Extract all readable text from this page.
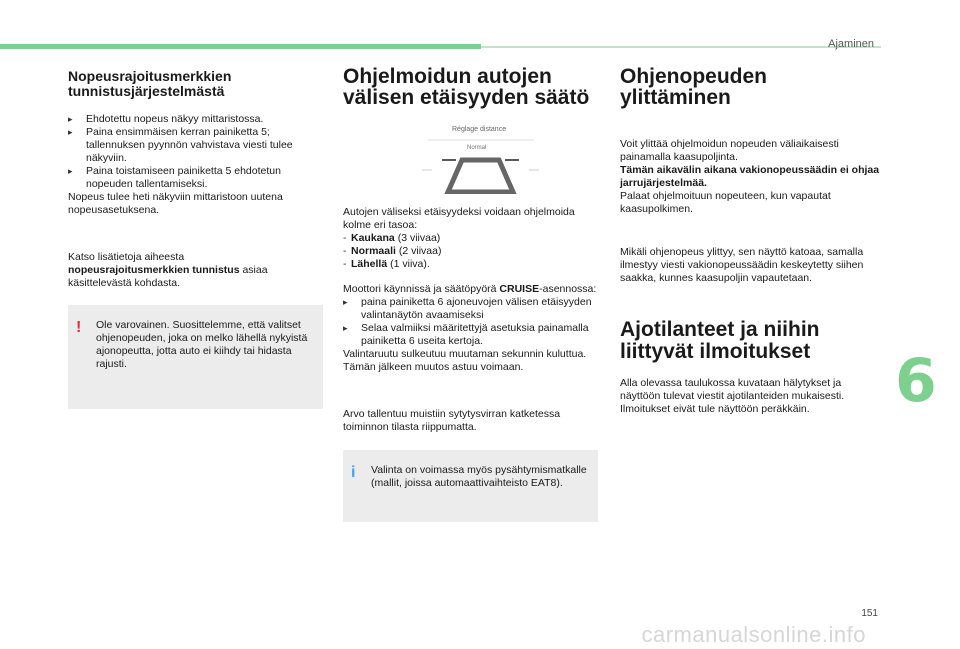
Ajaminen
6
151
carmanualsonline.info
Nopeusrajoitusmerkkien tunnistusjärjestelmästä
▸ Ehdotettu nopeus näkyy mittaristossa.
▸ Paina ensimmäisen kerran painiketta 5; tallennuksen pyynnön vahvistava viesti tulee näkyviin.
▸ Paina toistamiseen painiketta 5 ehdotetun nopeuden tallentamiseksi.

Nopeus tulee heti näkyviin mittaristoon uutena nopeusasetuksena.

Katso lisätietoja aiheesta
nopeusrajoitusmerkkien tunnistus asiaa käsittelevästä kohdasta.

!	Ole varovainen. Suosittelemme, että valitset ohjenopeuden, joka on melko lähellä nykyistä ajonopeutta, jotta auto ei kiihdy tai hidasta rajusti.

Ohjelmoidun autojen välisen etäisyyden säätö
Réglage distance
Normal

Autojen väliseksi etäisyydeksi voidaan ohjelmoida kolme eri tasoa:

- Kaukana (3 viivaa)
- Normaali (2 viivaa)
- Lähellä (1 viiva).

Moottori käynnissä ja säätöpyörä CRUISE-asennossa:

▸ paina painiketta 6 ajoneuvojen välisen etäisyyden valintanäytön avaamiseksi
▸ Selaa valmiiksi määritettyjä asetuksia painamalla painiketta 6 useita kertoja.

Valintaruutu sulkeutuu muutaman sekunnin kuluttua.

Tämän jälkeen muutos astuu voimaan.

Arvo tallentuu muistiin sytytysvirran katketessa toiminnon tilasta riippumatta.

i	Valinta on voimassa myös pysähtymismatkalle (mallit, joissa automaattivaihteisto EAT8).

Ohjenopeuden ylittäminen

Voit ylittää ohjelmoidun nopeuden väliaikaisesti painamalla kaasupoljinta.

Tämän aikavälin aikana vakionopeussäädin ei ohjaa jarrujärjestelmää.

Palaat ohjelmoituun nopeuteen, kun vapautat kaasupolkimen.

Mikäli ohjenopeus ylittyy, sen näyttö katoaa, samalla ilmestyy viesti vakionopeussäädin keskeytetty siihen saakka, kunnes kaasupoljin vapautetaan.

Ajotilanteet ja niihin liittyvät ilmoitukset

Alla olevassa taulukossa kuvataan hälytykset ja näyttöön tulevat viestit ajotilanteiden mukaisesti.

Ilmoitukset eivät tule näyttöön peräkkäin.
